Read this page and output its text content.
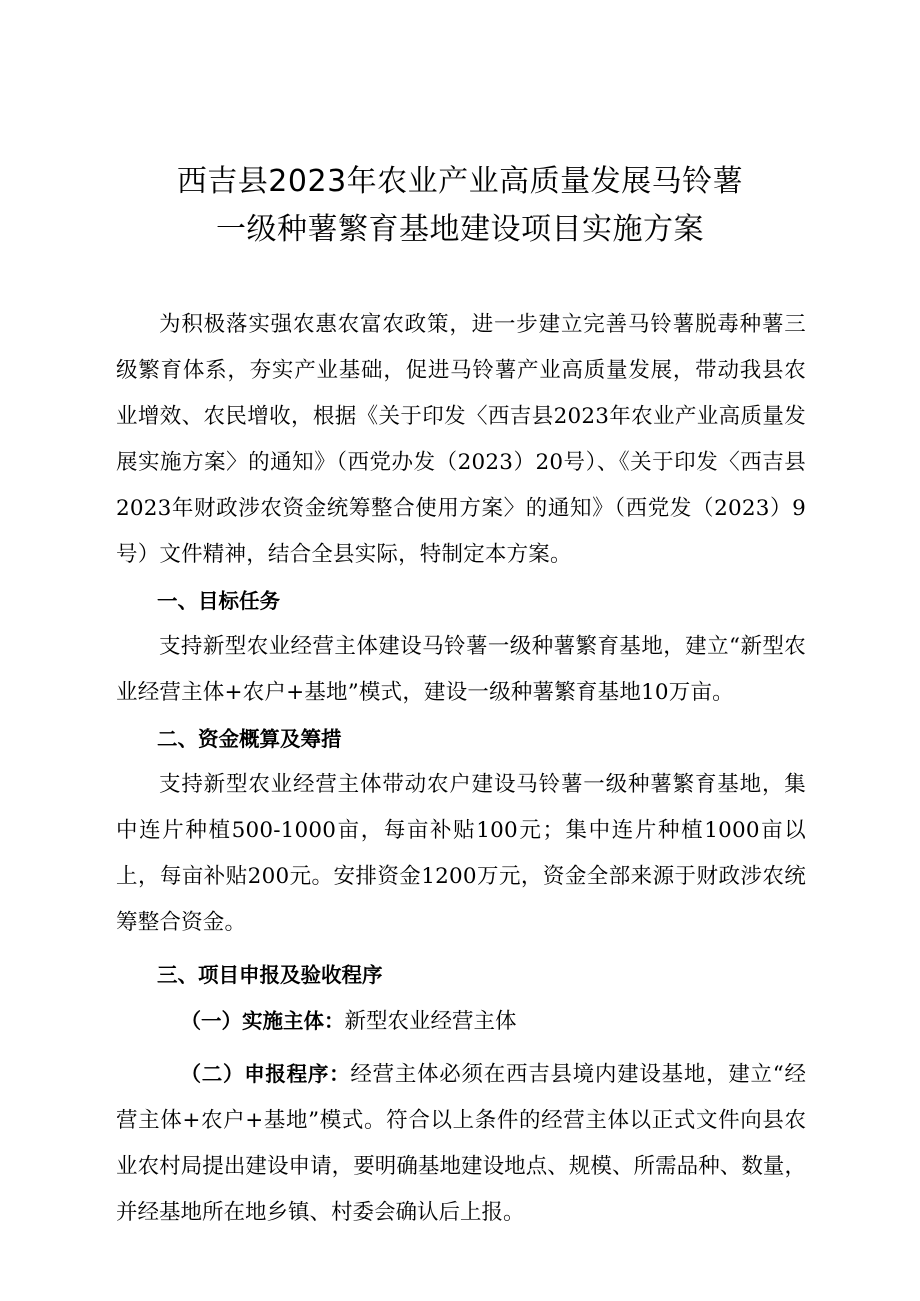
西吉县2023年农业产业高质量发展马铃薯
一级种薯繁育基地建设项目实施方案

为积极落实强农惠农富农政策，进一步建立完善马铃薯脱毒种薯三级繁育体系，夯实产业基础，促进马铃薯产业高质量发展，带动我县农业增效、农民增收，根据《关于印发〈西吉县2023年农业产业高质量发展实施方案〉的通知》（西党办发（2023）20号）、《关于印发〈西吉县2023年财政涉农资金统筹整合使用方案〉的通知》（西党发（2023）9号）文件精神，结合全县实际，特制定本方案。

一、目标任务

支持新型农业经营主体建设马铃薯一级种薯繁育基地，建立“新型农业经营主体+农户+基地”模式，建设一级种薯繁育基地10万亩。

二、资金概算及筹措

支持新型农业经营主体带动农户建设马铃薯一级种薯繁育基地，集中连片种植500-1000亩，每亩补贴100元；集中连片种植1000亩以上，每亩补贴200元。安排资金1200万元，资金全部来源于财政涉农统筹整合资金。

三、项目申报及验收程序

（一）实施主体：新型农业经营主体

（二）申报程序：经营主体必须在西吉县境内建设基地，建立“经营主体+农户+基地”模式。符合以上条件的经营主体以正式文件向县农业农村局提出建设申请，要明确基地建设地点、规模、所需品种、数量，并经基地所在地乡镇、村委会确认后上报。
